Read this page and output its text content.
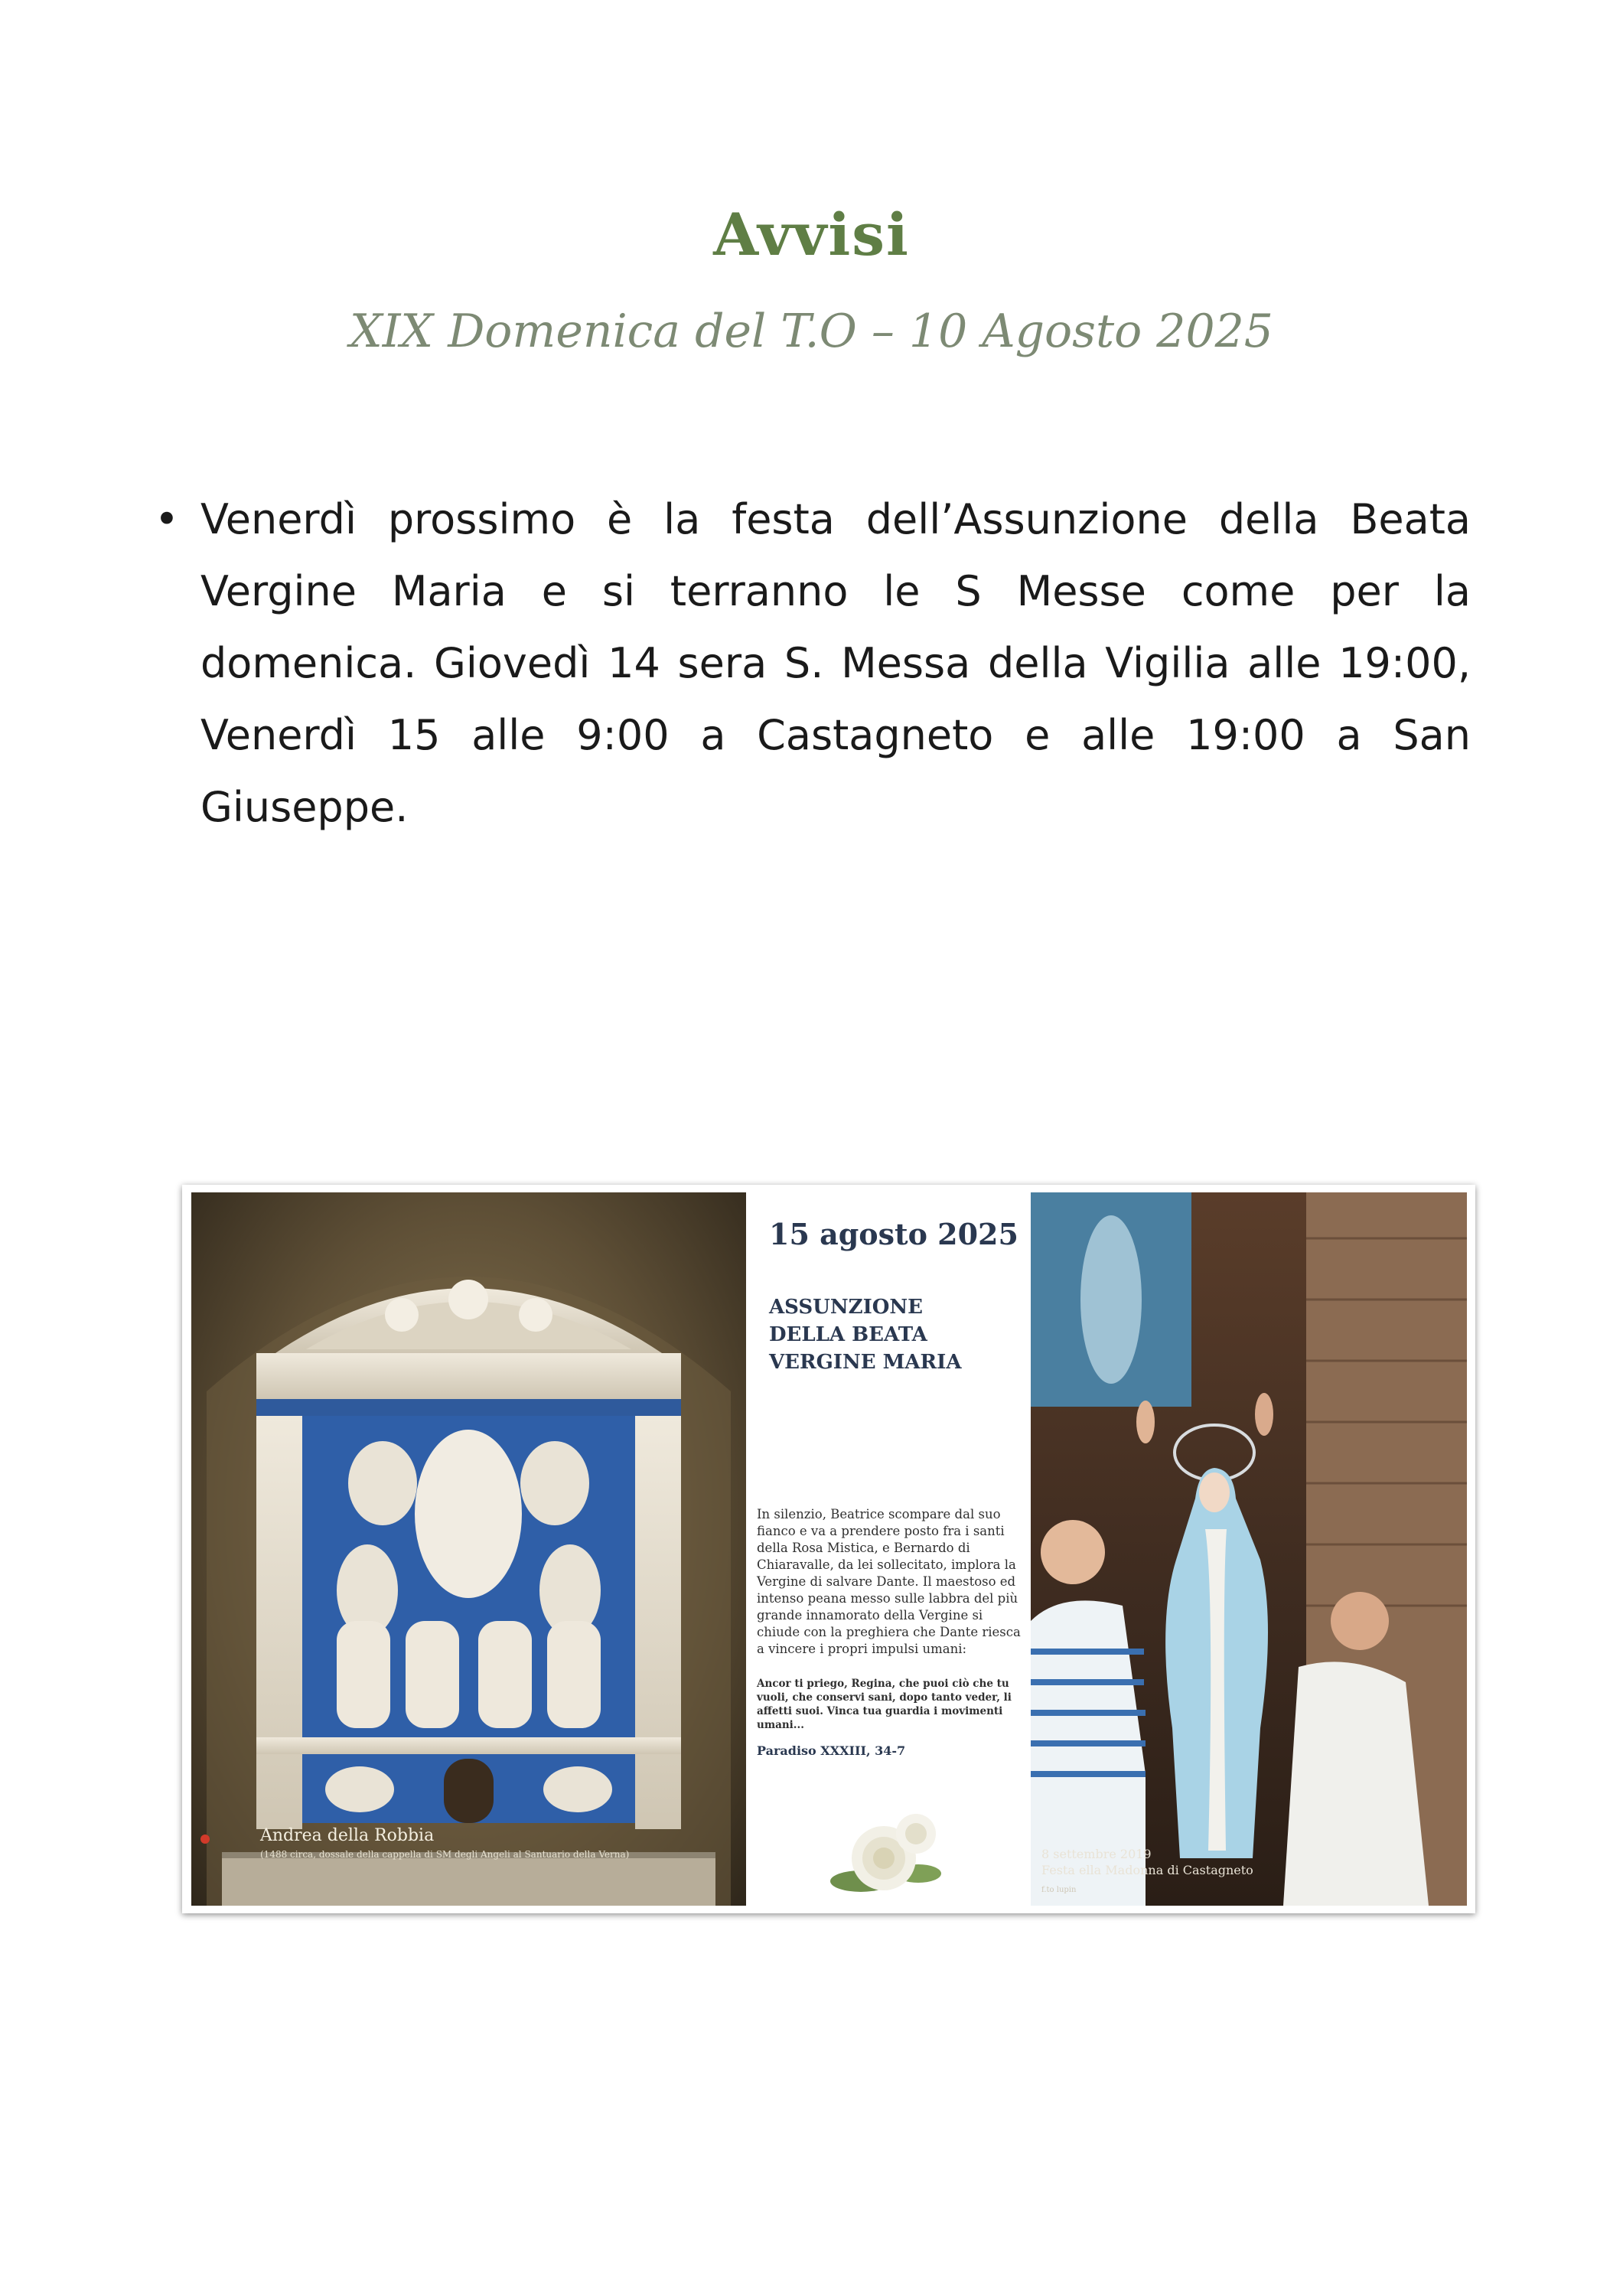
Avvisi
XIX Domenica del T.O – 10 Agosto 2025
• Venerdì prossimo è la festa dell’Assunzione della Beata Vergine Maria e si terranno le S Messe come per la domenica. Giovedì 14 sera S. Messa della Vigilia alle 19:00, Venerdì 15 alle 9:00 a Castagneto e alle 19:00 a San Giuseppe.
Andrea della Robbia
(1488 circa, dossale della cappella di SM degli Angeli al Santuario della Verna)
15 agosto 2025
ASSUNZIONE
DELLA BEATA
VERGINE MARIA
In silenzio, Beatrice scompare dal suo fianco e va a prendere posto fra i santi della Rosa Mistica, e Bernardo di Chiaravalle, da lei sollecitato, implora la Vergine di salvare Dante. Il maestoso ed intenso peana messo sulle labbra del più grande innamorato della Vergine si chiude con la preghiera che Dante riesca a vincere i propri impulsi umani:
Ancor ti priego, Regina, che puoi ciò che tu vuoli, che conservi sani, dopo tanto veder, li affetti suoi. Vinca tua guardia i movimenti umani...
Paradiso XXXIII, 34-7
8 settembre 2019
Festa ella Madonna di Castagneto
f.to lupin
